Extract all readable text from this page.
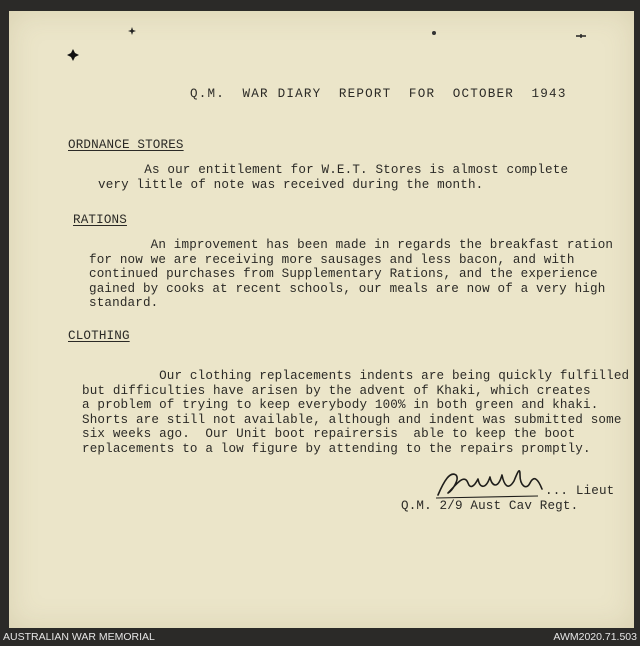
Q.M.  WAR DIARY  REPORT  FOR  OCTOBER  1943
ORDNANCE STORES
As our entitlement for W.E.T. Stores is almost complete
very little of note was received during the month.
RATIONS
An improvement has been made in regards the breakfast ration
for now we are receiving more sausages and less bacon, and with
continued purchases from Supplementary Rations, and the experience
gained by cooks at recent schools, our meals are now of a very high
standard.
CLOTHING
Our clothing replacements indents are being quickly fulfilled
but difficulties have arisen by the advent of Khaki, which creates
a problem of trying to keep everybody 100% in both green and khaki.
Shorts are still not available, although and indent was submitted some
six weeks ago.  Our Unit boot repairersis  able to keep the boot
replacements to a low figure by attending to the repairs promptly.
... Lieut
Q.M. 2/9 Aust Cav Regt.
AUSTRALIAN WAR MEMORIAL	AWM2020.71.503
